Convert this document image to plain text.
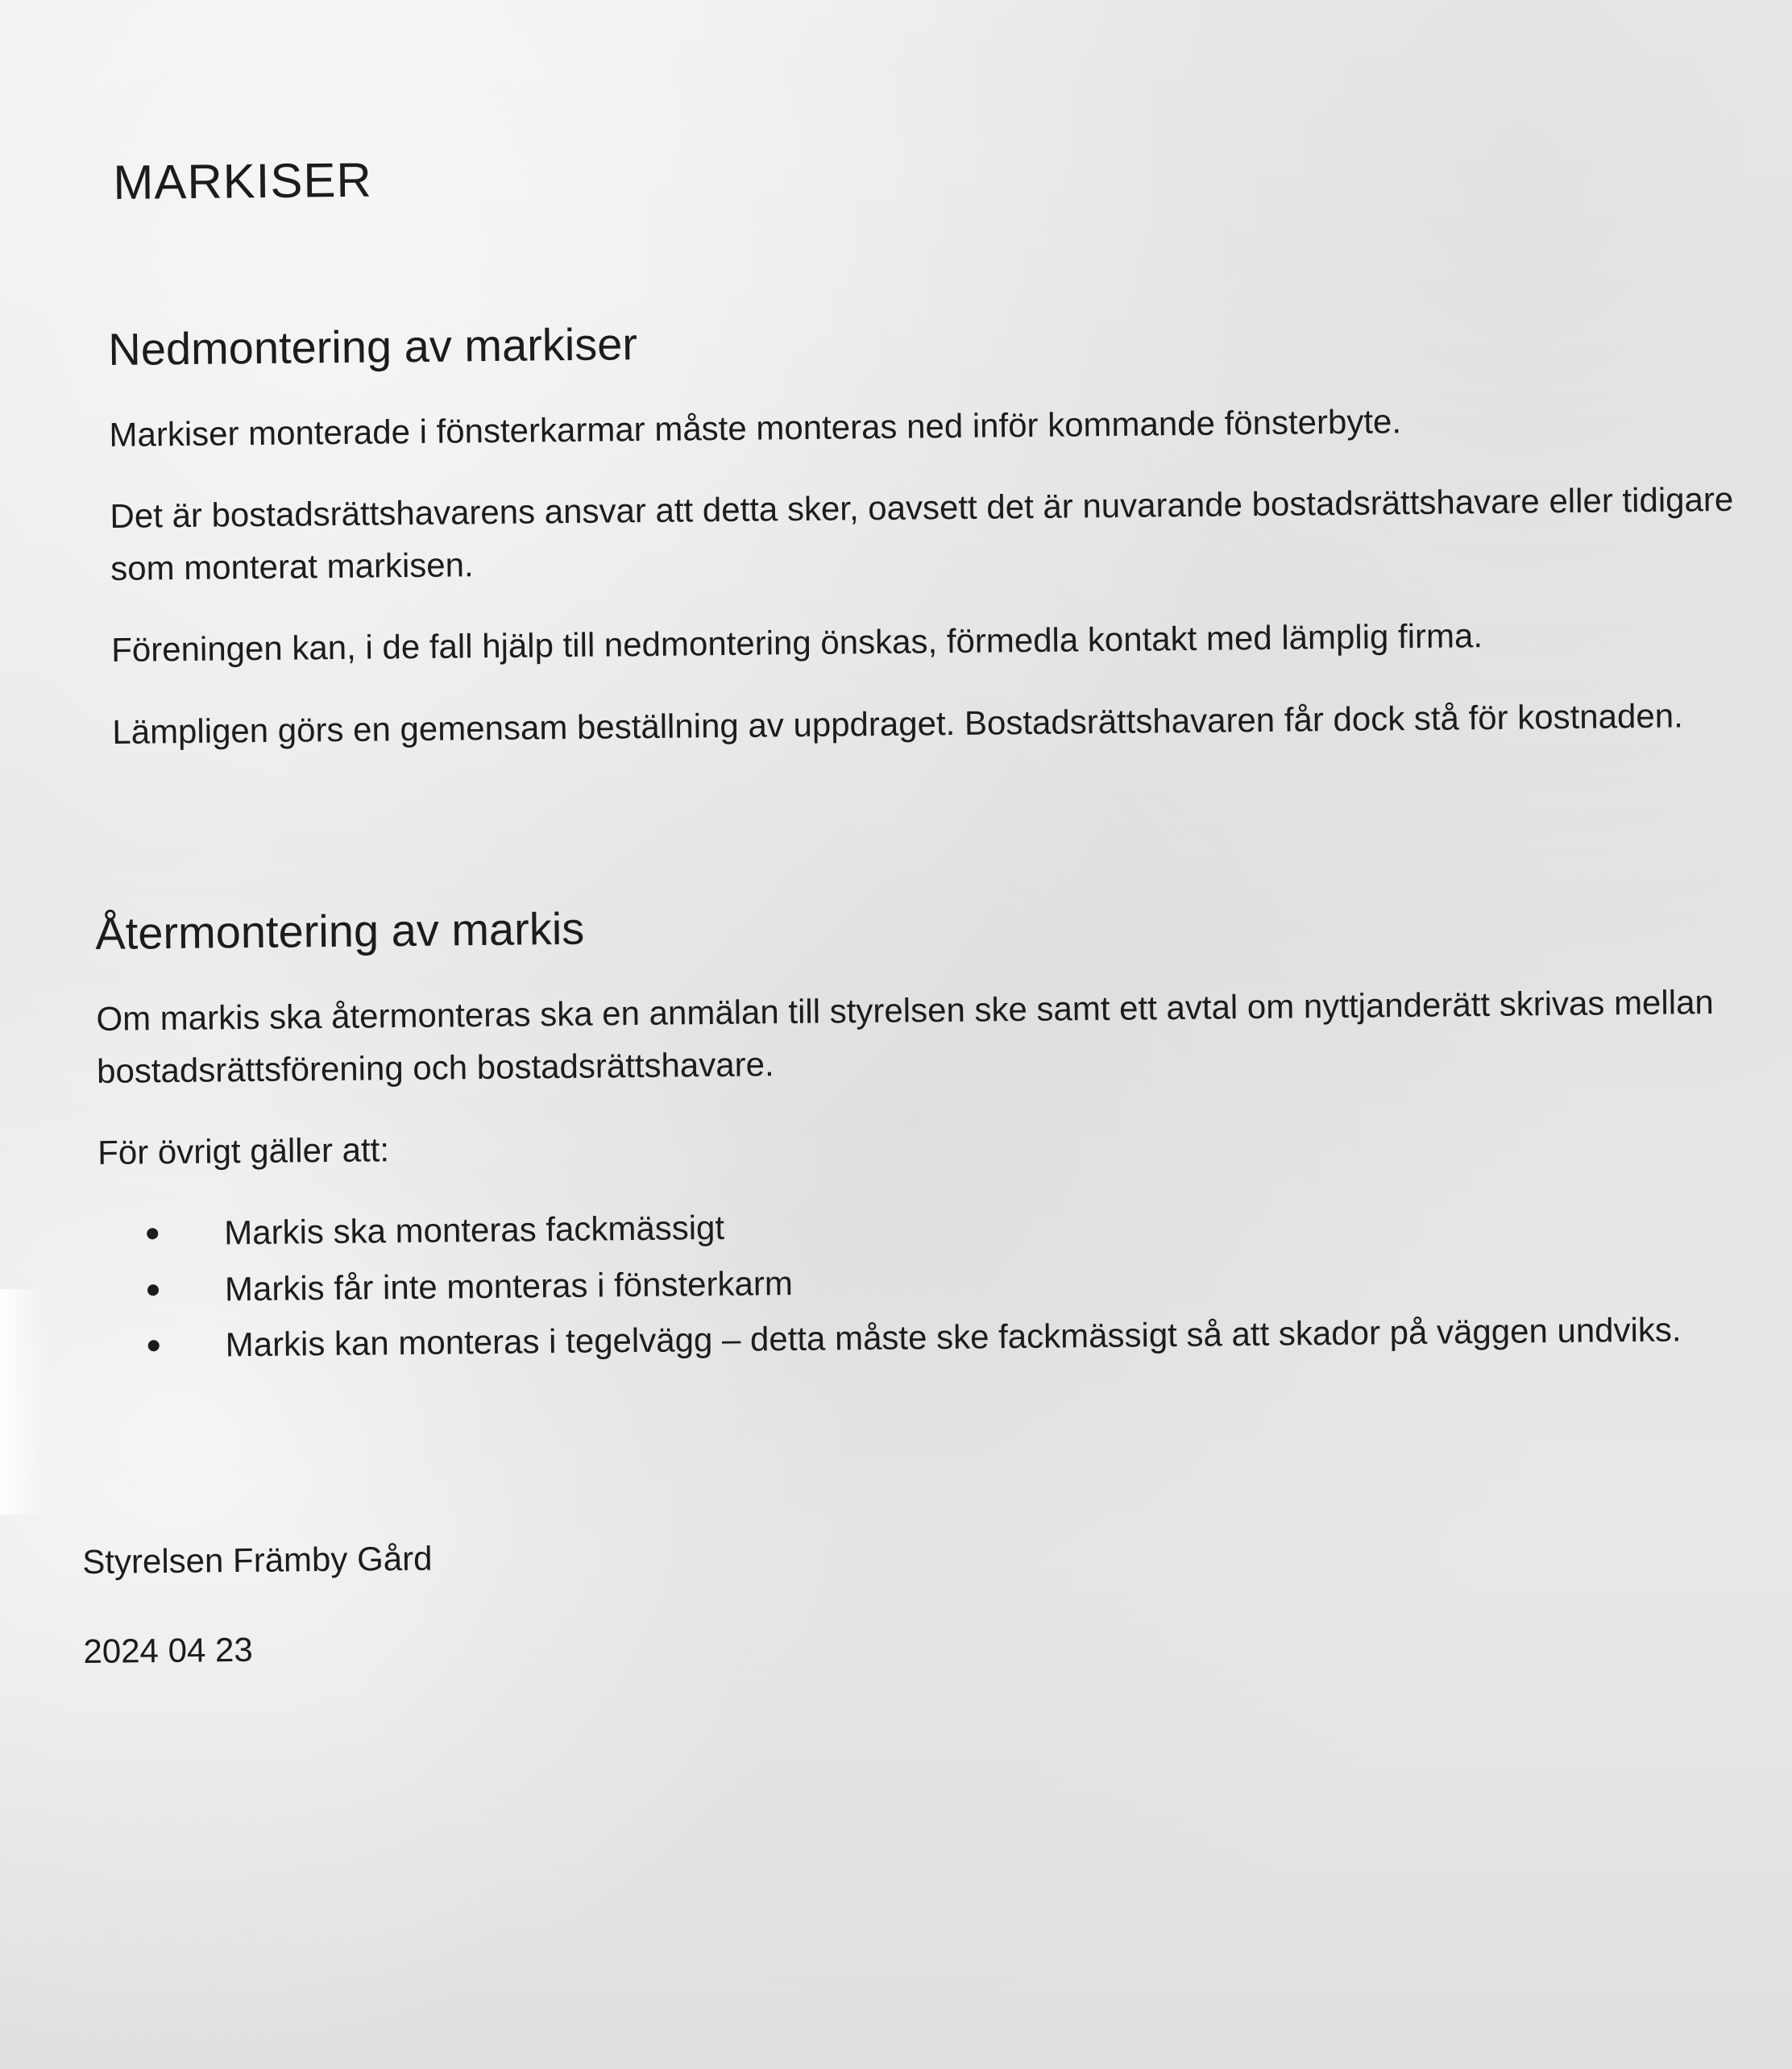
MARKISER
Nedmontering av markiser

Markiser monterade i fönsterkarmar måste monteras ned inför kommande fönsterbyte.

Det är bostadsrättshavarens ansvar att detta sker, oavsett det är nuvarande bostadsrättshavare eller tidigare som monterat markisen.

Föreningen kan, i de fall hjälp till nedmontering önskas, förmedla kontakt med lämplig firma.

Lämpligen görs en gemensam beställning av uppdraget. Bostadsrättshavaren får dock stå för kostnaden.

Återmontering av markis

Om markis ska återmonteras ska en anmälan till styrelsen ske samt ett avtal om nyttjanderätt skrivas mellan bostadsrättsförening och bostadsrättshavare.

För övrigt gäller att:

Markis ska monteras fackmässigt
Markis får inte monteras i fönsterkarm
Markis kan monteras i tegelvägg – detta måste ske fackmässigt så att skador på väggen undviks.

Styrelsen Främby Gård

2024 04 23
